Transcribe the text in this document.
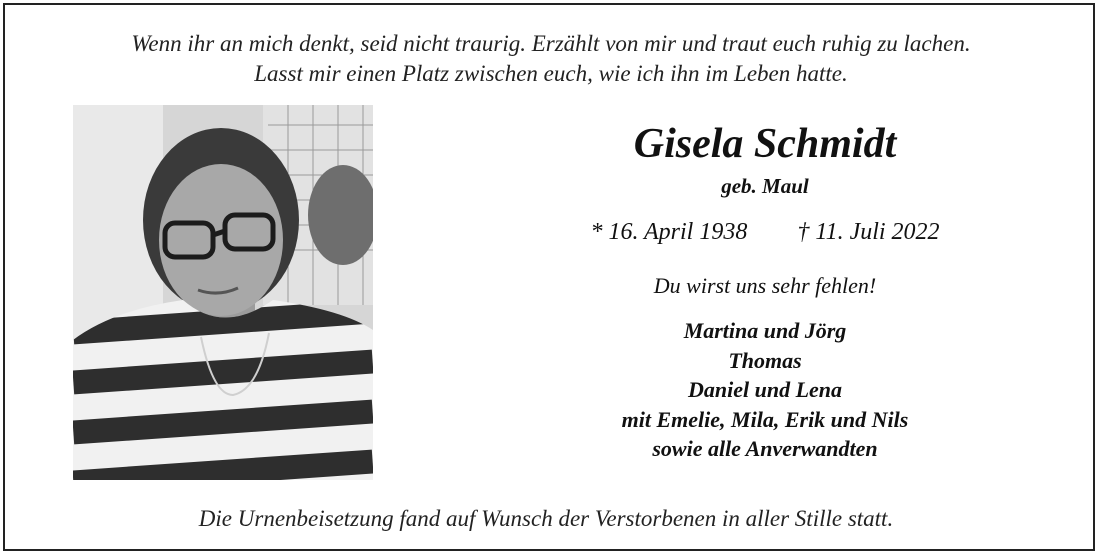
Wenn ihr an mich denkt, seid nicht traurig. Erzählt von mir und traut euch ruhig zu lachen.
Lasst mir einen Platz zwischen euch, wie ich ihn im Leben hatte.
Gisela Schmidt
geb. Maul
* 16. April 1938 † 11. Juli 2022
Du wirst uns sehr fehlen!
Martina und Jörg
Thomas
Daniel und Lena
mit Emelie, Mila, Erik und Nils
sowie alle Anverwandten
Die Urnenbeisetzung fand auf Wunsch der Verstorbenen in aller Stille statt.
